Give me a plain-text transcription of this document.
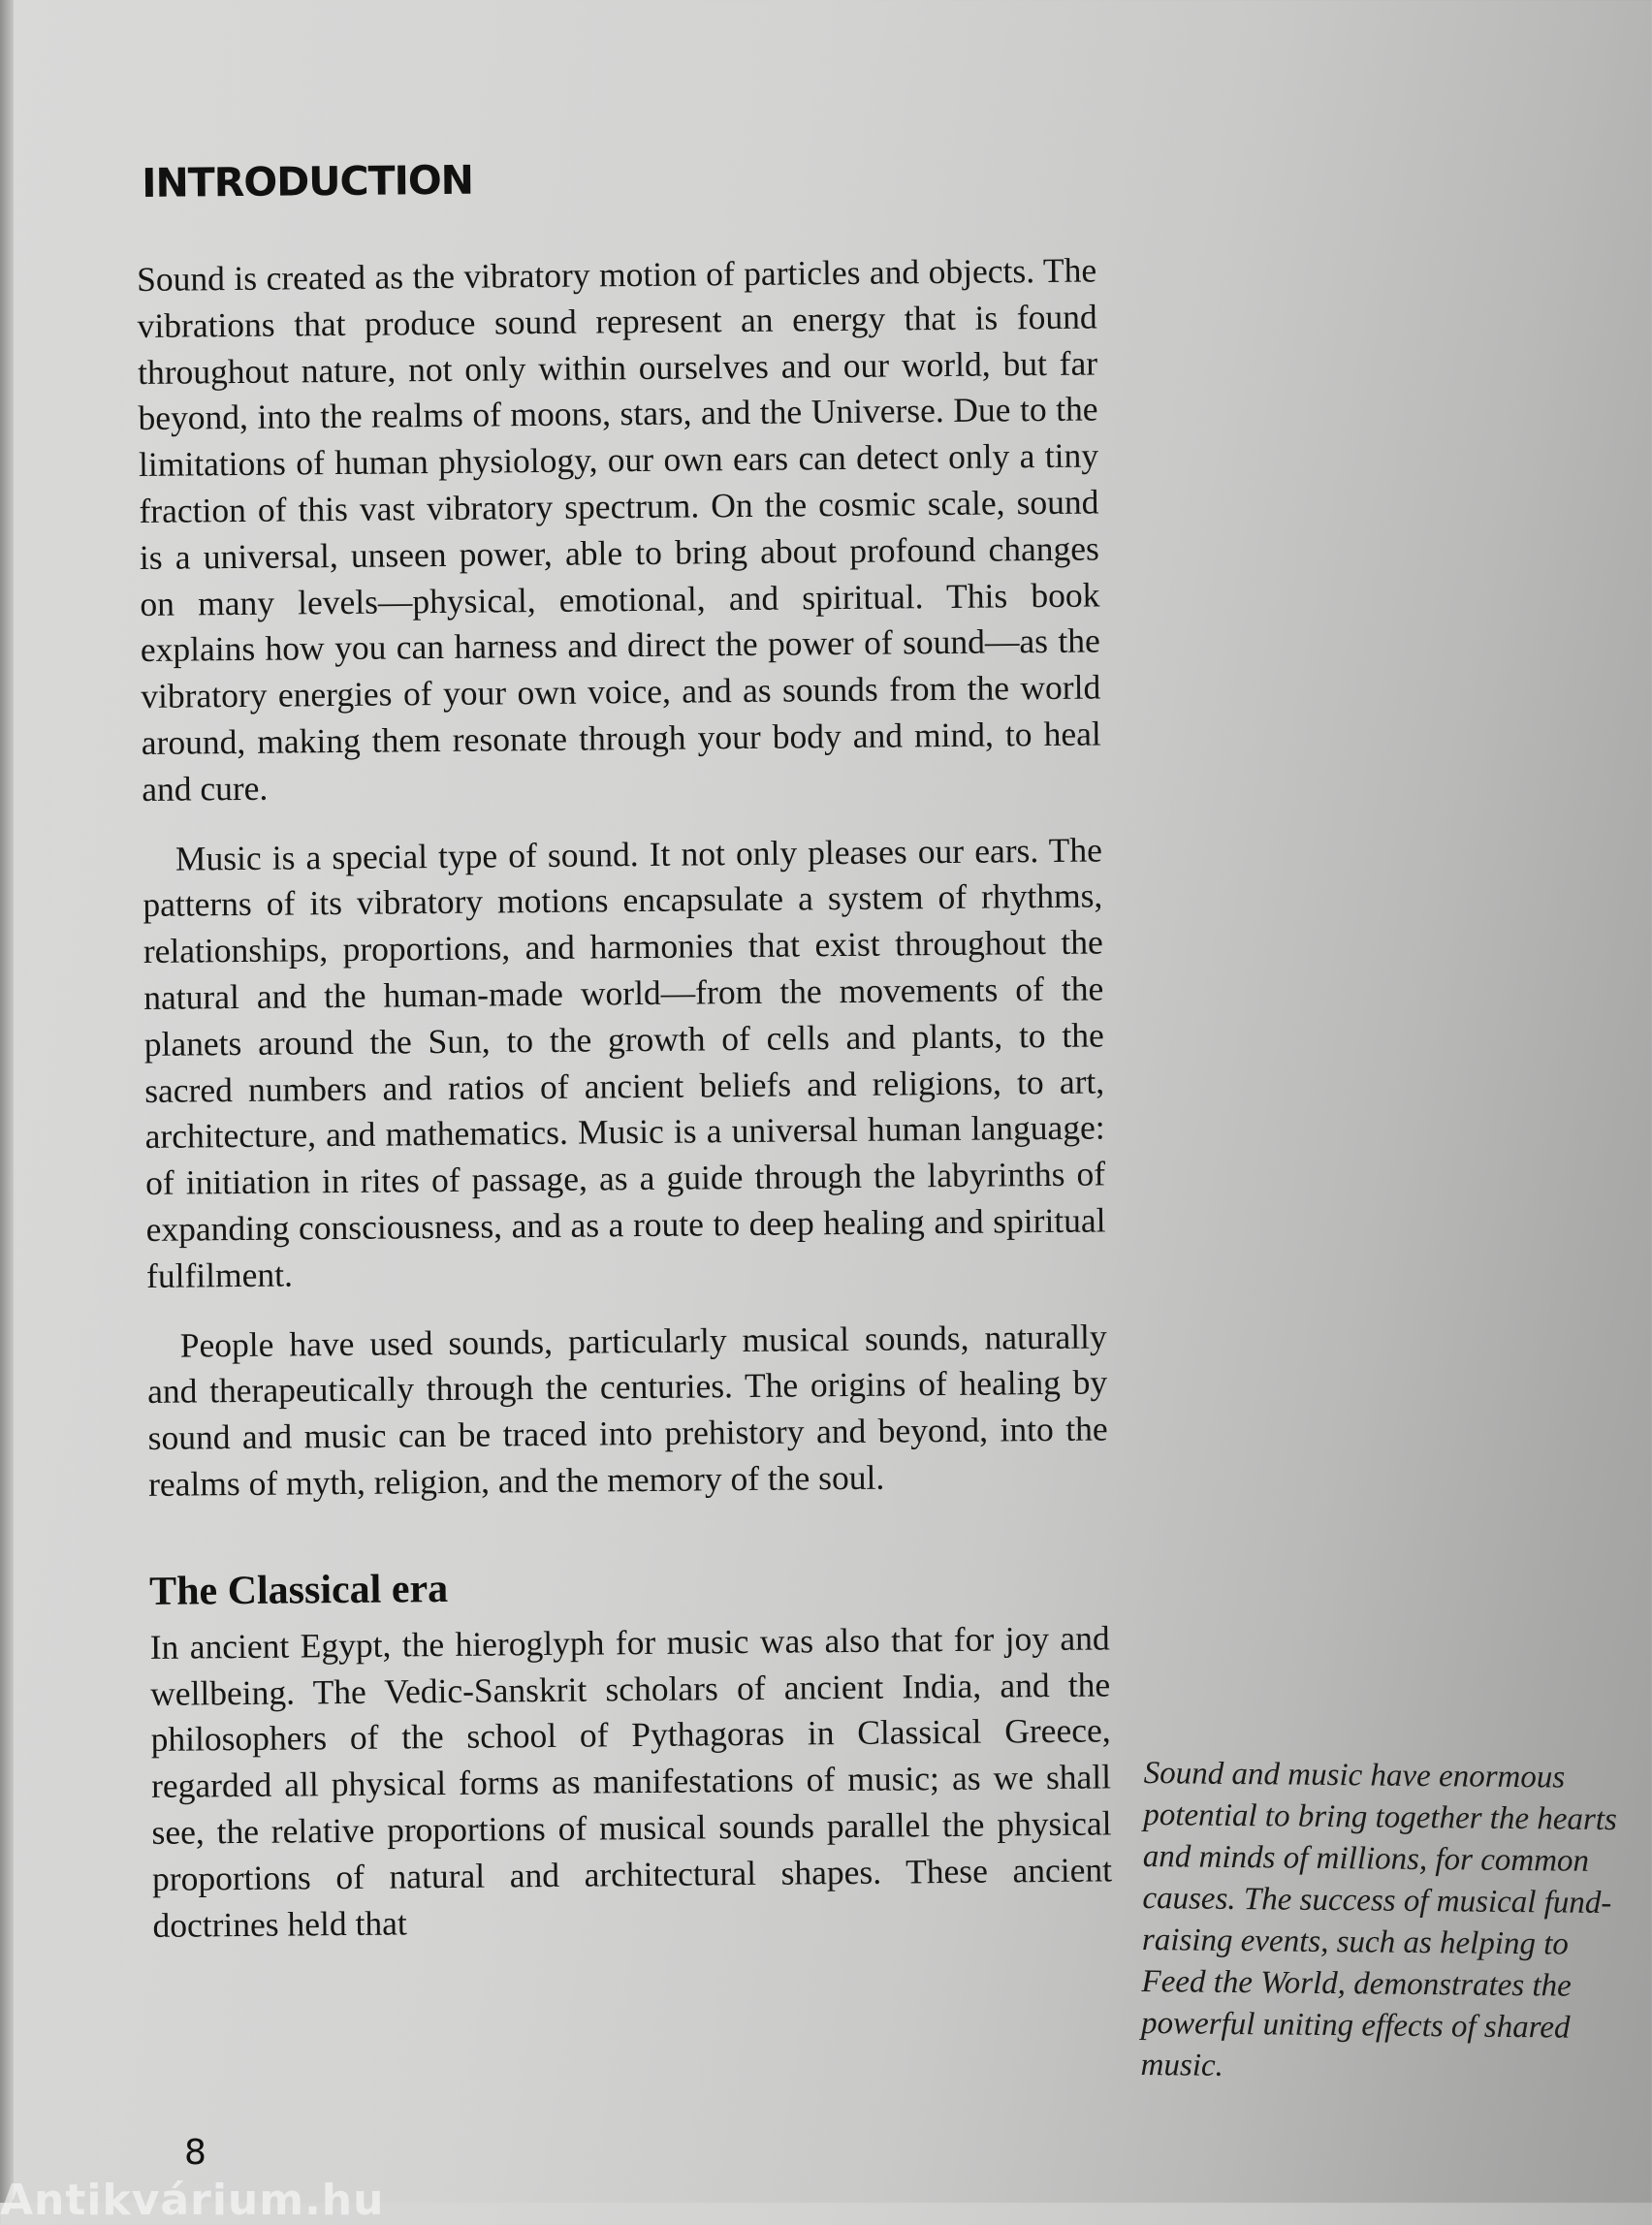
INTRODUCTION

Sound is created as the vibratory motion of particles and objects. The vibrations that produce sound represent an energy that is found throughout nature, not only within ourselves and our world, but far beyond, into the realms of moons, stars, and the Universe. Due to the limitations of human physiology, our own ears can detect only a tiny fraction of this vast vibratory spectrum. On the cosmic scale, sound is a universal, unseen power, able to bring about profound changes on many levels—physical, emotional, and spiritual. This book explains how you can harness and direct the power of sound—as the vibratory energies of your own voice, and as sounds from the world around, making them resonate through your body and mind, to heal and cure.

Music is a special type of sound. It not only pleases our ears. The patterns of its vibratory motions encapsulate a system of rhythms, relationships, proportions, and harmonies that exist throughout the natural and the human-made world—from the movements of the planets around the Sun, to the growth of cells and plants, to the sacred numbers and ratios of ancient beliefs and religions, to art, architecture, and mathematics. Music is a universal human language: of initiation in rites of passage, as a guide through the labyrinths of expanding consciousness, and as a route to deep healing and spiritual fulfilment.

People have used sounds, particularly musical sounds, naturally and therapeutically through the centuries. The origins of healing by sound and music can be traced into prehistory and beyond, into the realms of myth, religion, and the memory of the soul.

The Classical era

In ancient Egypt, the hieroglyph for music was also that for joy and wellbeing. The Vedic-Sanskrit scholars of ancient India, and the philosophers of the school of Pythagoras in Classical Greece, regarded all physical forms as manifestations of music; as we shall see, the relative proportions of musical sounds parallel the physical proportions of natural and architectural shapes. These ancient doctrines held that

Sound and music have enormous potential to bring together the hearts and minds of millions, for common causes. The success of musical fund-raising events, such as helping to Feed the World, demonstrates the powerful uniting effects of shared music.
8
Antikvárium.hu
